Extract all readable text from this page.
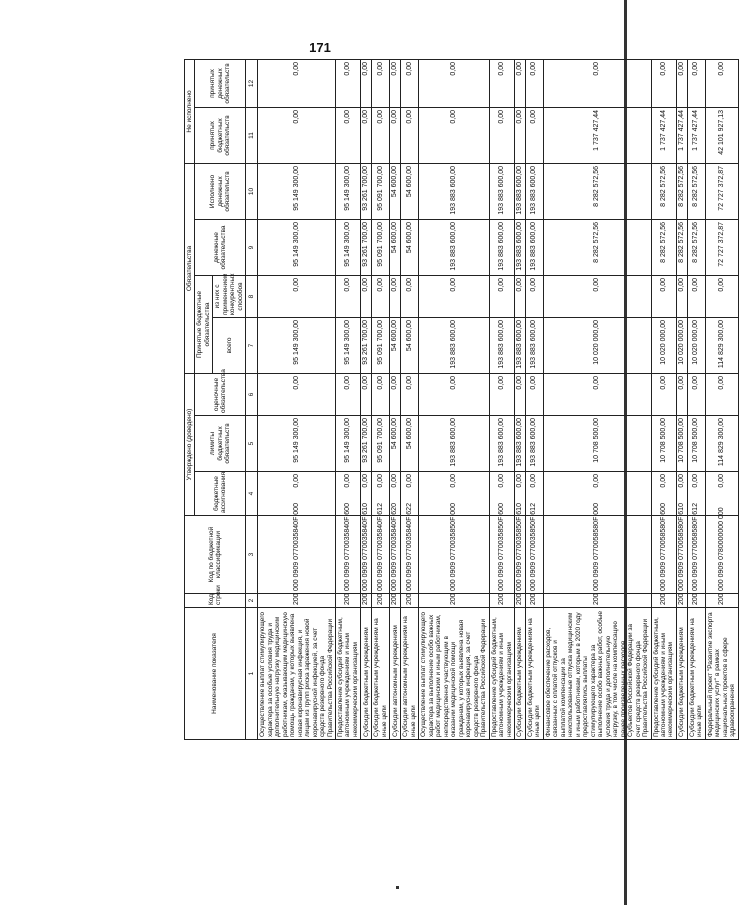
171
Наименование показателя	Код строки	Код по бюджетной классификации	Утверждено (доведено)			Обязательства				Не исполнено	
			бюджетные ассигнования	лимиты бюджетных обязательств	оценочные обязательства	Принятые бюджетные обязательства		денежные обязательства	Исполнено денежных обязательств	принятых бюджетных обязательств	принятых денежных обязательств
						всего	из них с применением конкурентных способов				
1	2	3	4	5	6	7	8	9	10	11	12
Осуществление выплат стимулирующего характера за особые условия труда и дополнительную нагрузку медицинским работникам, оказывающим медицинскую помощь гражданам, у которых выявлена новая коронавирусная инфекция, и лицам из групп риска заражения новой коронавирусной инфекцией, за счет средств резервного фонда Правительства Российской Федерации	200	000 0909 0770035840F 000	0,00	95 149 300,00	0,00	95 149 300,00	0,00	95 149 300,00	95 149 300,00	0,00	0,00
Предоставление субсидий бюджетным, автономным учреждениям и иным некоммерческим организациям	200	000 0909 0770035840F 600	0,00	95 149 300,00	0,00	95 149 300,00	0,00	95 149 300,00	95 149 300,00	0,00	0,00
Субсидии бюджетным учреждениям	200	000 0909 0770035840F 610	0,00	93 261 700,00	0,00	93 261 700,00	0,00	93 261 700,00	93 261 700,00	0,00	0,00
Субсидии бюджетным учреждениям на иные цели	200	000 0909 0770035840F 612	0,00	95 091 700,00	0,00	95 091 700,00	0,00	95 091 700,00	95 091 700,00	0,00	0,00
Субсидии автономным учреждениям	200	000 0909 0770035840F 620	0,00	54 600,00	0,00	54 600,00	0,00	54 600,00	54 600,00	0,00	0,00
Субсидии автономным учреждениям на иные цели	200	000 0909 0770035840F 622	0,00	54 600,00	0,00	54 600,00	0,00	54 600,00	54 600,00	0,00	0,00
Осуществление выплат стимулирующего характера за выполнение особо важных работ медицинским и иным работникам, непосредственно участвующим в оказании медицинской помощи гражданам, у которых выявлена новая коронавирусная инфекция, за счет средств резервного фонда Правительства Российской Федерации	200	000 0909 0770035850F 000	0,00	193 883 600,00	0,00	193 883 600,00	0,00	193 883 600,00	193 883 600,00	0,00	0,00
Предоставление субсидий бюджетным, автономным учреждениям и иным некоммерческим организациям	200	000 0909 0770035850F 600	0,00	193 883 600,00	0,00	193 883 600,00	0,00	193 883 600,00	193 883 600,00	0,00	0,00
Субсидии бюджетным учреждениям	200	000 0909 0770035850F 610	0,00	193 883 600,00	0,00	193 883 600,00	0,00	193 883 600,00	193 883 600,00	0,00	0,00
Субсидии бюджетным учреждениям на иные цели	200	000 0909 0770035850F 612	0,00	193 883 600,00	0,00	193 883 600,00	0,00	193 883 600,00	193 883 600,00	0,00	0,00
Финансовое обеспечение расходов, связанных с оплатой отпусков и выплатой компенсации за неиспользованные отпуска медицинским и иным работникам, которым в 2020 году предоставлялись выплаты стимулирующего характера за выполнение особо важных работ, особые условия труда и дополнительную нагрузку, в том числе на компенсацию ранее произведенных расходов Субъектов Российской Федерации за счет средств резервного фонда Правительства Российской Федерации	200	000 0909 0770058580F 000	0,00	10 708 500,00	0,00	10 020 000,00	0,00	8 282 572,56	8 282 572,56	1 737 427,44	0,00
Предоставление субсидий бюджетным, автономным учреждениям и иным некоммерческим организациям	200	000 0909 0770058580F 600	0,00	10 708 500,00	0,00	10 020 000,00	0,00	8 282 572,56	8 282 572,56	1 737 427,44	0,00
Субсидии бюджетным учреждениям	200	000 0909 0770058580F 610	0,00	10 708 500,00	0,00	10 020 000,00	0,00	8 282 572,56	8 282 572,56	1 737 427,44	0,00
Субсидии бюджетным учреждениям на иные цели	200	000 0909 0770058580F 612	0,00	10 708 500,00	0,00	10 020 000,00	0,00	8 282 572,56	8 282 572,56	1 737 427,44	0,00
Федеральный проект "Развитие экспорта медицинских услуг" в рамках национальных проектов в сфере здравоохранения	200	000 0909 0780000000 000	0,00	114 829 300,00	0,00	114 829 300,00	0,00	72 727 372,87	72 727 372,87	42 101 927,13	0,00
